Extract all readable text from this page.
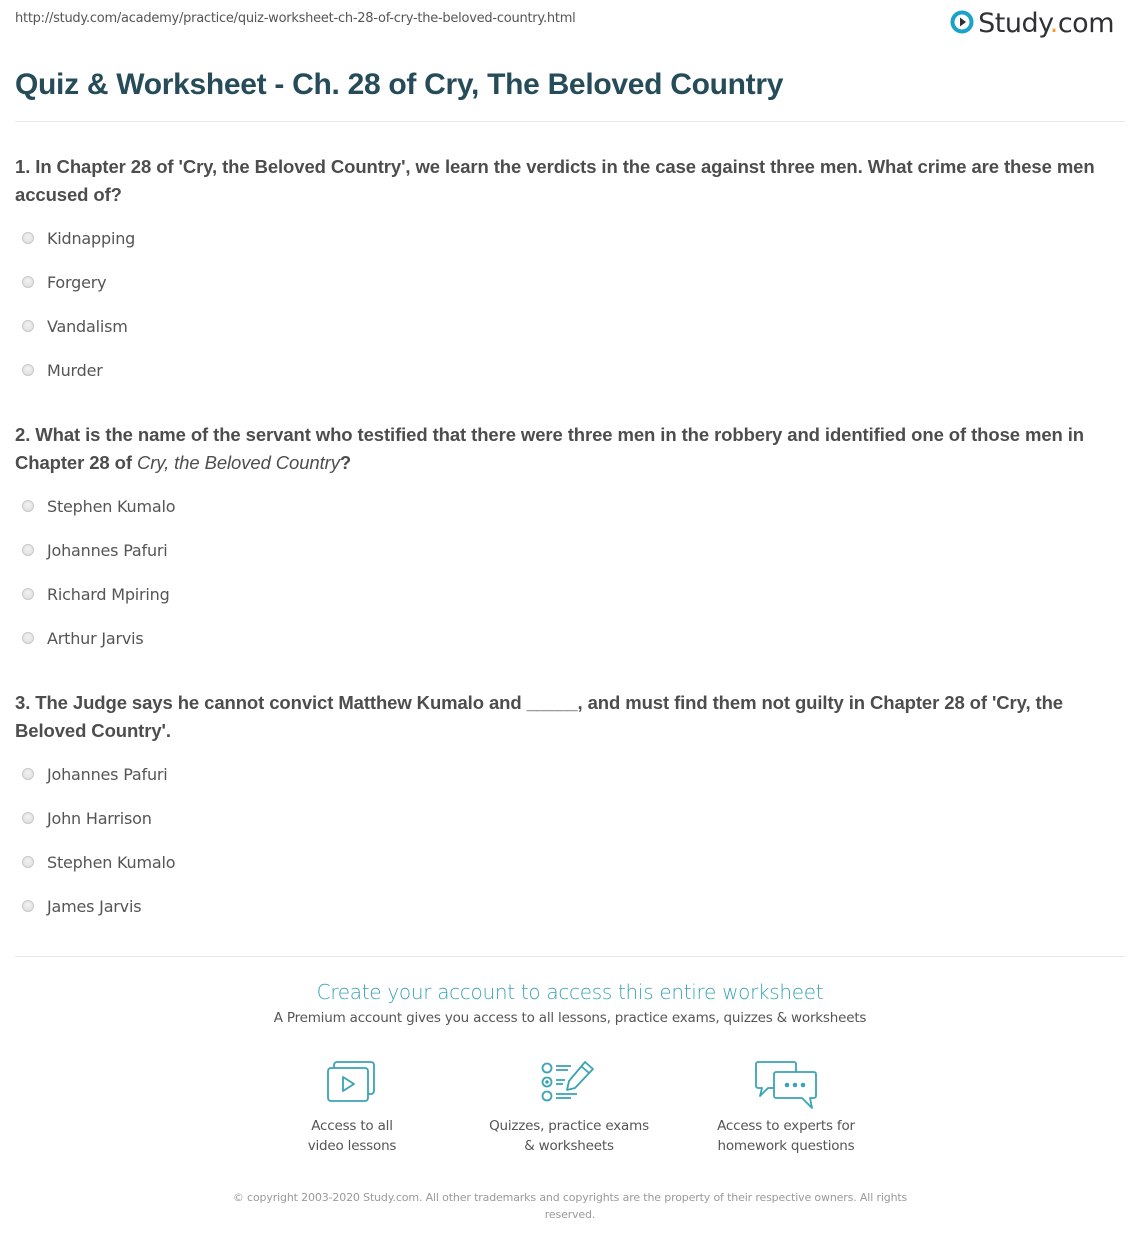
http://study.com/academy/practice/quiz-worksheet-ch-28-of-cry-the-beloved-country.html	Study.com
Quiz & Worksheet - Ch. 28 of Cry, The Beloved Country
1. In Chapter 28 of 'Cry, the Beloved Country', we learn the verdicts in the case against three men. What crime are these men accused of?
Kidnapping
Forgery
Vandalism
Murder
2. What is the name of the servant who testified that there were three men in the robbery and identified one of those men in Chapter 28 of Cry, the Beloved Country?
Stephen Kumalo
Johannes Pafuri
Richard Mpiring
Arthur Jarvis
3. The Judge says he cannot convict Matthew Kumalo and _____, and must find them not guilty in Chapter 28 of 'Cry, the Beloved Country'.
Johannes Pafuri
John Harrison
Stephen Kumalo
James Jarvis
Create your account to access this entire worksheet
A Premium account gives you access to all lessons, practice exams, quizzes & worksheets
Access to all
video lessons
Quizzes, practice exams
& worksheets
Access to experts for
homework questions
© copyright 2003-2020 Study.com. All other trademarks and copyrights are the property of their respective owners. All rights reserved.
